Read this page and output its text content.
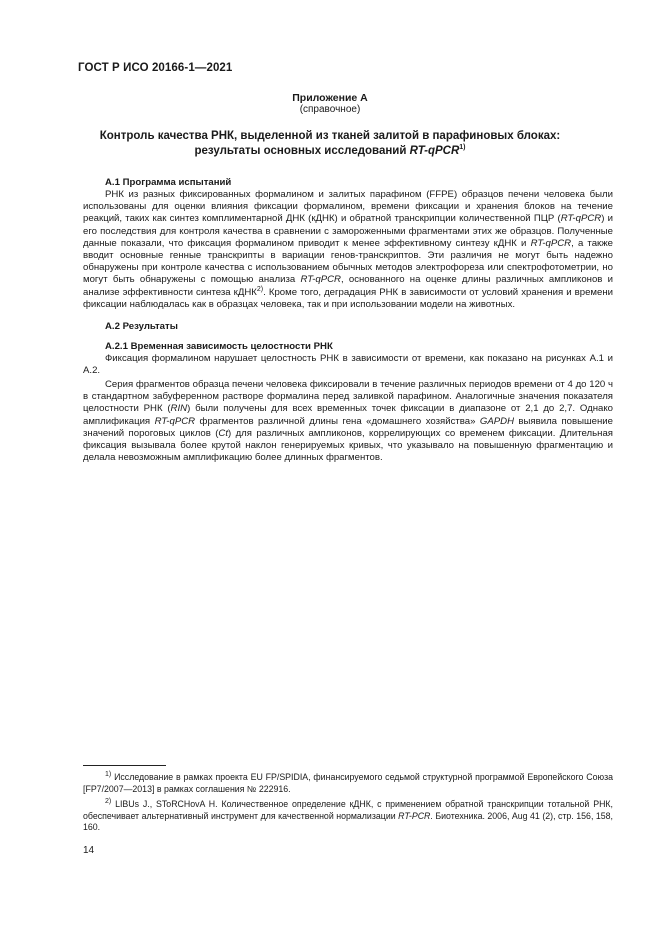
ГОСТ Р ИСО 20166-1—2021
Приложение А
(справочное)
Контроль качества РНК, выделенной из тканей залитой в парафиновых блоках:
результаты основных исследований RT-qPCR$^{1)}$
А.1 Программа испытаний

РНК из разных фиксированных формалином и залитых парафином (FFPE) образцов печени человека были использованы для оценки влияния фиксации формалином, времени фиксации и хранения блоков на течение реакций, таких как синтез комплиментарной ДНК (кДНК) и обратной транскрипции количественной ПЦР (RT-qPCR) и его последствия для контроля качества в сравнении с замороженными фрагментами этих же образцов. Полученные данные показали, что фиксация формалином приводит к менее эффективному синтезу кДНК и RT-qPCR, а также вводит основные генные транскрипты в вариации генов-транскриптов. Эти различия не могут быть надежно обнаружены при контроле качества с использованием обычных методов электрофореза или спектрофотометрии, но могут быть обнаружены с помощью анализа RT-qPCR, основанного на оценке длины различных ампликонов и анализе эффективности синтеза кДНК$^{2)}$. Кроме того, деградация РНК в зависимости от условий хранения и времени фиксации наблюдалась как в образцах человека, так и при использовании модели на животных.

А.2 Результаты
А.2.1 Временная зависимость целостности РНК

Фиксация формалином нарушает целостность РНК в зависимости от времени, как показано на рисунках А.1 и А.2.

Серия фрагментов образца печени человека фиксировали в течение различных периодов времени от 4 до 120 ч в стандартном забуференном растворе формалина перед заливкой парафином. Аналогичные значения показателя целостности РНК (RIN) были получены для всех временных точек фиксации в диапазоне от 2,1 до 2,7. Однако амплификация RT-qPCR фрагментов различной длины гена «домашнего хозяйства» GAPDH выявила повышение значений пороговых циклов (Ct) для различных ампликонов, коррелирующих со временем фиксации. Длительная фиксация вызывала более крутой наклон генерируемых кривых, что указывало на повышенную фрагментацию и делала невозможным амплификацию более длинных фрагментов.

$^{1)}$ Исследование в рамках проекта EU FP/SPIDIA, финансируемого седьмой структурной программой Европейского Союза [FP7/2007—2013] в рамках соглашения № 222916.

$^{2)}$ LIBUs J., SToRCHovA H. Количественное определение кДНК, с применением обратной транскрипции тотальной РНК, обеспечивает альтернативный инструмент для качественной нормализации RT-PCR. Биотехника. 2006, Aug 41 (2), стр. 156, 158, 160.

14
